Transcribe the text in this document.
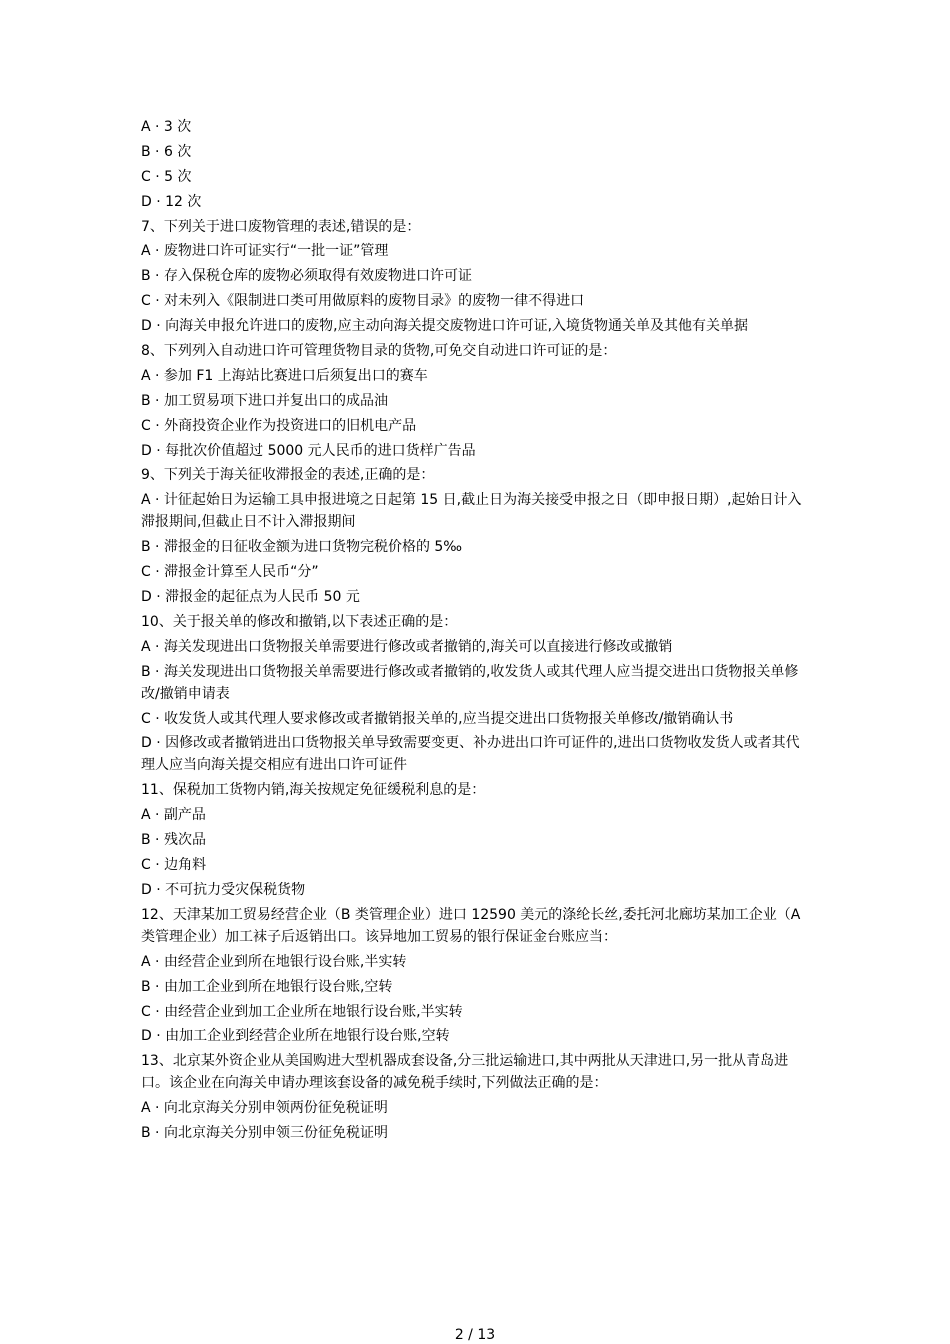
A · 3 次
B · 6 次
C · 5 次
D · 12 次
7、下列关于进口废物管理的表述,错误的是：
A · 废物进口许可证实行“一批一证”管理
B · 存入保税仓库的废物必须取得有效废物进口许可证
C · 对未列入《限制进口类可用做原料的废物目录》的废物一律不得进口
D · 向海关申报允许进口的废物,应主动向海关提交废物进口许可证,入境货物通关单及其他有关单据
8、下列列入自动进口许可管理货物目录的货物,可免交自动进口许可证的是：
A · 参加 F1 上海站比赛进口后须复出口的赛车
B · 加工贸易项下进口并复出口的成品油
C · 外商投资企业作为投资进口的旧机电产品
D · 每批次价值超过 5000 元人民币的进口货样广告品
9、下列关于海关征收滞报金的表述,正确的是：
A · 计征起始日为运输工具申报进境之日起第 15 日,截止日为海关接受申报之日（即申报日期）,起始日计入滞报期间,但截止日不计入滞报期间
B · 滞报金的日征收金额为进口货物完税价格的 5‰
C · 滞报金计算至人民币“分”
D · 滞报金的起征点为人民币 50 元
10、关于报关单的修改和撤销,以下表述正确的是：
A · 海关发现进出口货物报关单需要进行修改或者撤销的,海关可以直接进行修改或撤销
B · 海关发现进出口货物报关单需要进行修改或者撤销的,收发货人或其代理人应当提交进出口货物报关单修改/撤销申请表
C · 收发货人或其代理人要求修改或者撤销报关单的,应当提交进出口货物报关单修改/撤销确认书
D · 因修改或者撤销进出口货物报关单导致需要变更、补办进出口许可证件的,进出口货物收发货人或者其代理人应当向海关提交相应有进出口许可证件
11、保税加工货物内销,海关按规定免征缓税利息的是：
A · 副产品
B · 残次品
C · 边角料
D · 不可抗力受灾保税货物
12、天津某加工贸易经营企业（B 类管理企业）进口 12590 美元的涤纶长丝,委托河北廊坊某加工企业（A 类管理企业）加工袜子后返销出口。该异地加工贸易的银行保证金台账应当：
A · 由经营企业到所在地银行设台账,半实转
B · 由加工企业到所在地银行设台账,空转
C · 由经营企业到加工企业所在地银行设台账,半实转
D · 由加工企业到经营企业所在地银行设台账,空转
13、北京某外资企业从美国购进大型机器成套设备,分三批运输进口,其中两批从天津进口,另一批从青岛进口。该企业在向海关申请办理该套设备的减免税手续时,下列做法正确的是：
A · 向北京海关分别申领两份征免税证明
B · 向北京海关分别申领三份征免税证明
2 / 13
